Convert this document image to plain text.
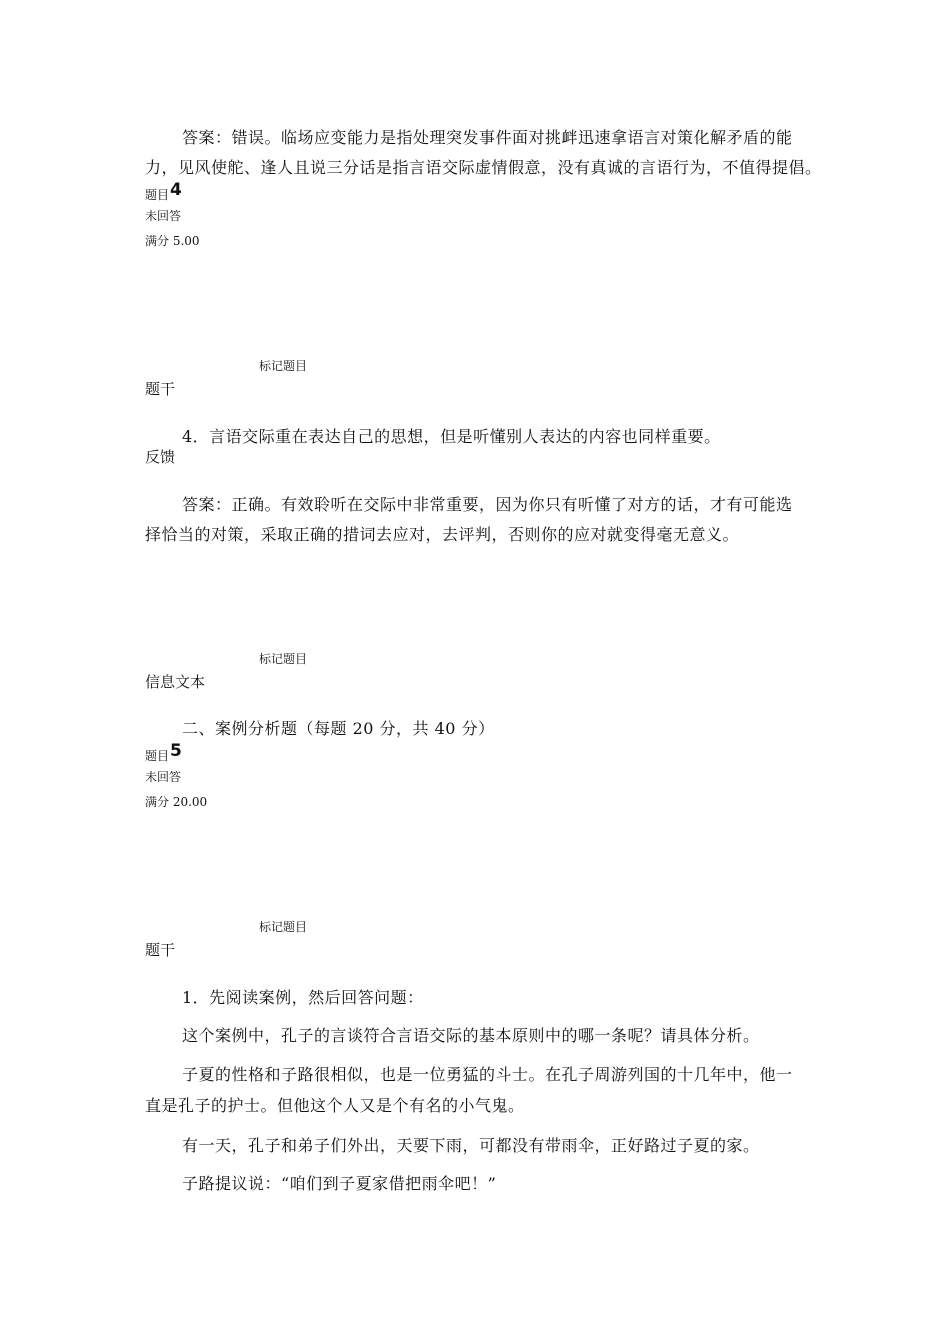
答案：错误。临场应变能力是指处理突发事件面对挑衅迅速拿语言对策化解矛盾的能
力，见风使舵、逢人且说三分话是指言语交际虚情假意，没有真诚的言语行为，不值得提倡。
题目4
未回答
满分 5.00
标记题目
题干
4．言语交际重在表达自己的思想，但是听懂别人表达的内容也同样重要。
反馈
答案：正确。有效聆听在交际中非常重要，因为你只有听懂了对方的话，才有可能选
择恰当的对策，采取正确的措词去应对，去评判，否则你的应对就变得毫无意义。
标记题目
信息文本
二、案例分析题（每题 20 分，共 40 分）
题目5
未回答
满分 20.00
标记题目
题干
1．先阅读案例，然后回答问题：
这个案例中，孔子的言谈符合言语交际的基本原则中的哪一条呢？请具体分析。
子夏的性格和子路很相似，也是一位勇猛的斗士。在孔子周游列国的十几年中，他一
直是孔子的护士。但他这个人又是个有名的小气鬼。
有一天，孔子和弟子们外出，天要下雨，可都没有带雨伞，正好路过子夏的家。
子路提议说：“咱们到子夏家借把雨伞吧！”
